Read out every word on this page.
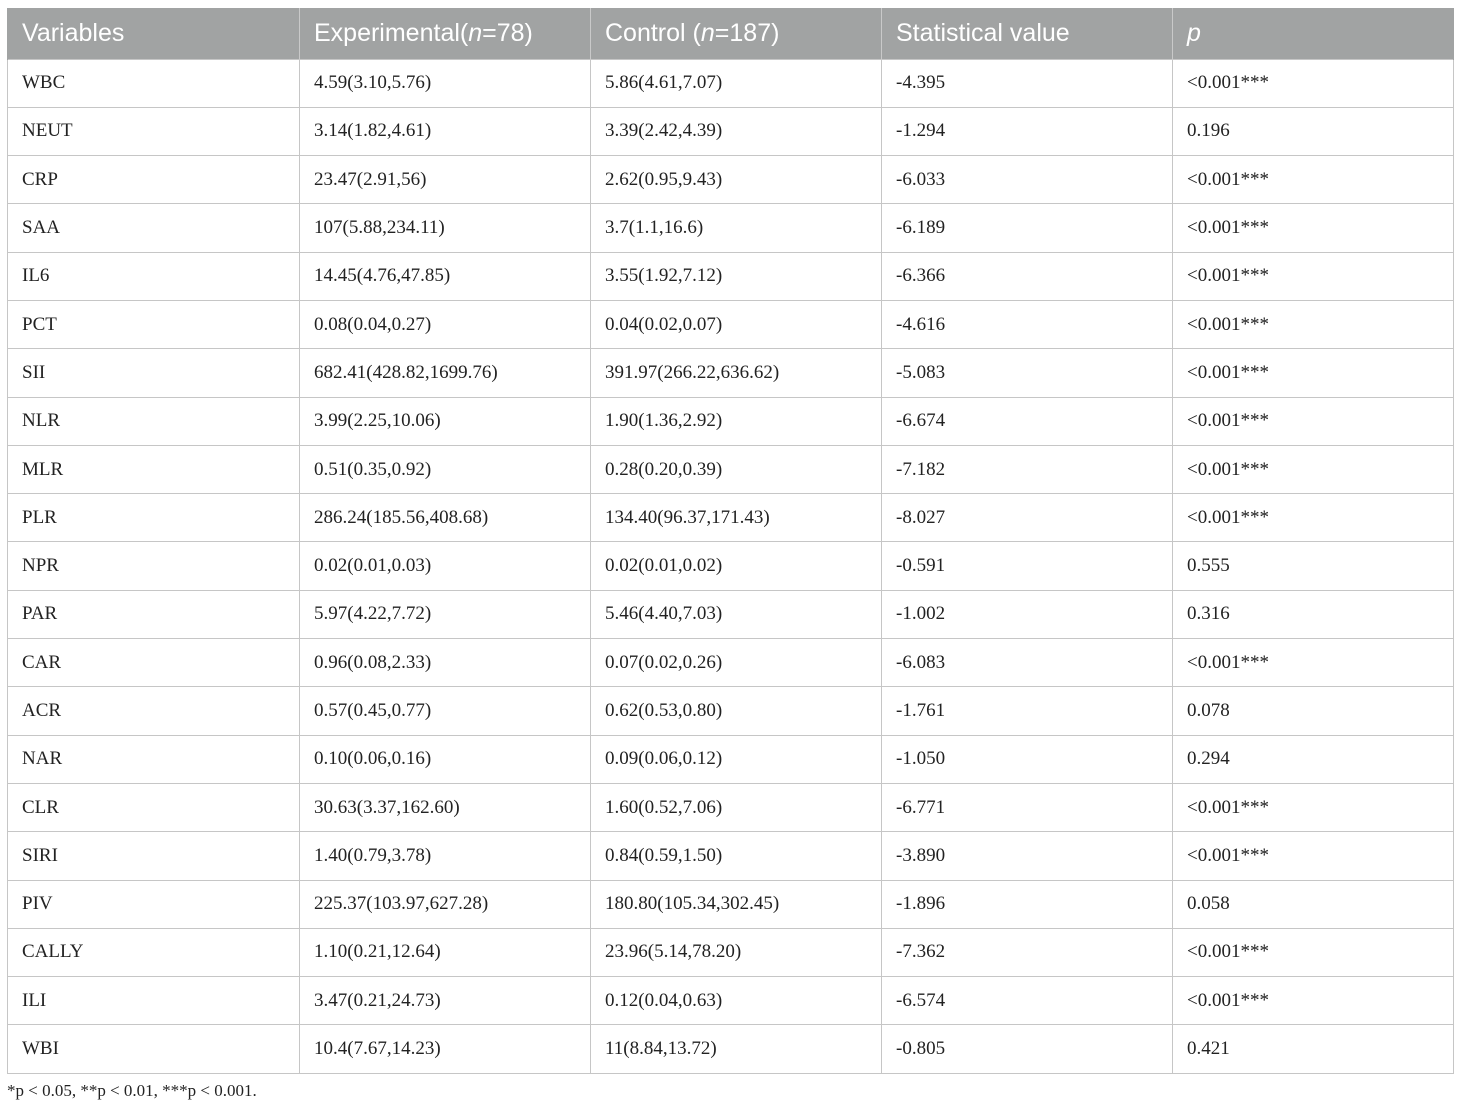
Variables	Experimental(n=78)	Control (n=187)	Statistical value	p
WBC	4.59(3.10,5.76)	5.86(4.61,7.07)	-4.395	<0.001***
NEUT	3.14(1.82,4.61)	3.39(2.42,4.39)	-1.294	0.196
CRP	23.47(2.91,56)	2.62(0.95,9.43)	-6.033	<0.001***
SAA	107(5.88,234.11)	3.7(1.1,16.6)	-6.189	<0.001***
IL6	14.45(4.76,47.85)	3.55(1.92,7.12)	-6.366	<0.001***
PCT	0.08(0.04,0.27)	0.04(0.02,0.07)	-4.616	<0.001***
SII	682.41(428.82,1699.76)	391.97(266.22,636.62)	-5.083	<0.001***
NLR	3.99(2.25,10.06)	1.90(1.36,2.92)	-6.674	<0.001***
MLR	0.51(0.35,0.92)	0.28(0.20,0.39)	-7.182	<0.001***
PLR	286.24(185.56,408.68)	134.40(96.37,171.43)	-8.027	<0.001***
NPR	0.02(0.01,0.03)	0.02(0.01,0.02)	-0.591	0.555
PAR	5.97(4.22,7.72)	5.46(4.40,7.03)	-1.002	0.316
CAR	0.96(0.08,2.33)	0.07(0.02,0.26)	-6.083	<0.001***
ACR	0.57(0.45,0.77)	0.62(0.53,0.80)	-1.761	0.078
NAR	0.10(0.06,0.16)	0.09(0.06,0.12)	-1.050	0.294
CLR	30.63(3.37,162.60)	1.60(0.52,7.06)	-6.771	<0.001***
SIRI	1.40(0.79,3.78)	0.84(0.59,1.50)	-3.890	<0.001***
PIV	225.37(103.97,627.28)	180.80(105.34,302.45)	-1.896	0.058
CALLY	1.10(0.21,12.64)	23.96(5.14,78.20)	-7.362	<0.001***
ILI	3.47(0.21,24.73)	0.12(0.04,0.63)	-6.574	<0.001***
WBI	10.4(7.67,14.23)	11(8.84,13.72)	-0.805	0.421
*p < 0.05, **p < 0.01, ***p < 0.001.
